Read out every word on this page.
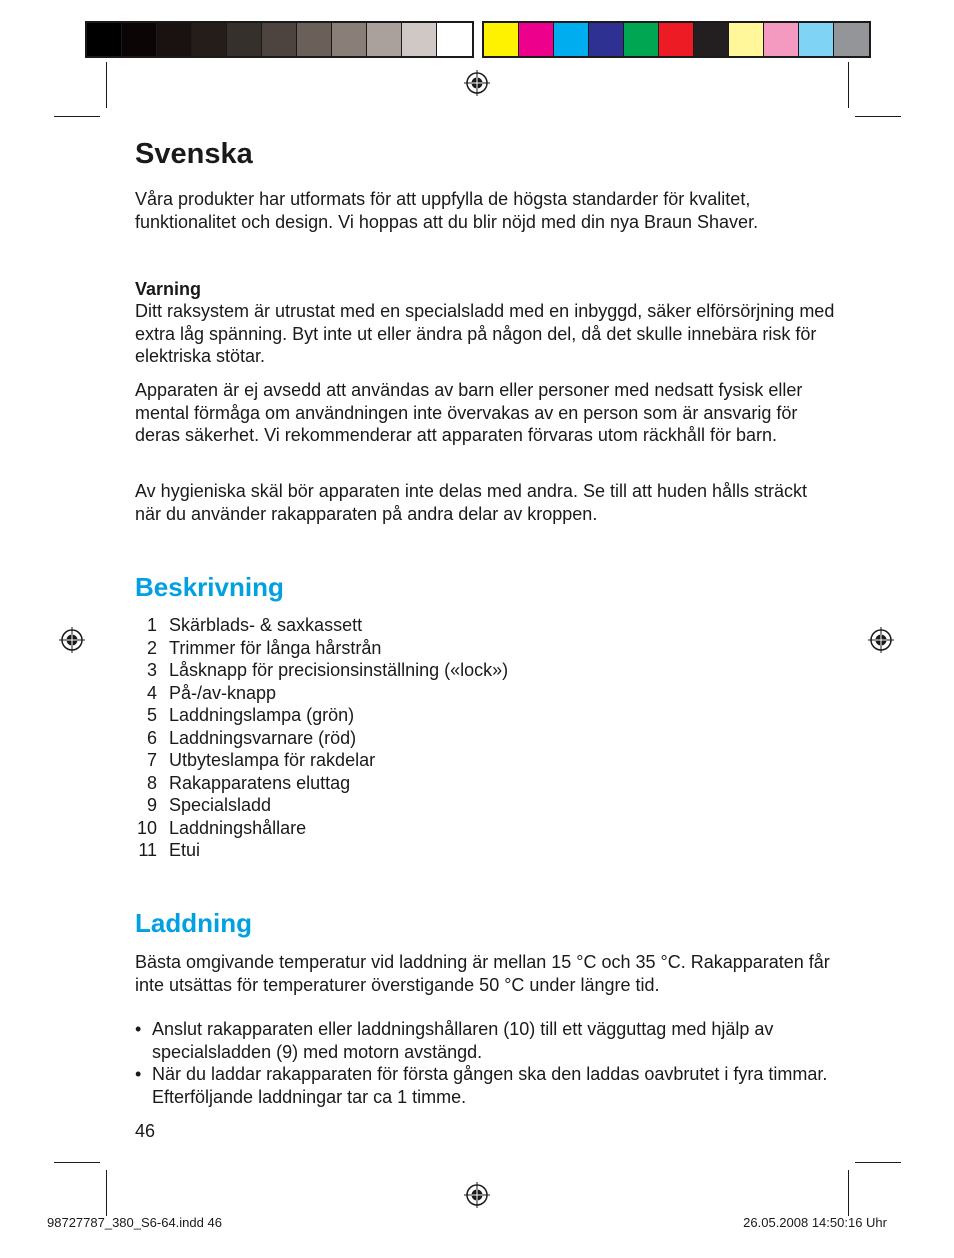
Svenska

Våra produkter har utformats för att uppfylla de högsta standarder för kvalitet, funktionalitet och design. Vi hoppas att du blir nöjd med din nya Braun Shaver.

Varning

Ditt raksystem är utrustat med en specialsladd med en inbyggd, säker elförsörjning med extra låg spänning. Byt inte ut eller ändra på någon del, då det skulle innebära risk för elektriska stötar.

Apparaten är ej avsedd att användas av barn eller personer med nedsatt fysisk eller mental förmåga om användningen inte övervakas av en person som är ansvarig för deras säkerhet. Vi rekommenderar att apparaten förvaras utom räckhåll för barn.

Av hygieniska skäl bör apparaten inte delas med andra. Se till att huden hålls sträckt när du använder rakapparaten på andra delar av kroppen.

Beskrivning
1 Skärblads- & saxkassett
2 Trimmer för långa hårstrån
3 Låsknapp för precisionsinställning («lock»)
4 På-/av-knapp
5 Laddningslampa (grön)
6 Laddningsvarnare (röd)
7 Utbyteslampa för rakdelar
8 Rakapparatens eluttag
9 Specialsladd
10 Laddningshållare
11 Etui
Laddning

Bästa omgivande temperatur vid laddning är mellan 15 °C och 35 °C. Rakapparaten får inte utsättas för temperaturer överstigande 50 °C under längre tid.

• Anslut rakapparaten eller laddningshållaren (10) till ett vägguttag med hjälp av specialsladden (9) med motorn avstängd.
• När du laddar rakapparaten för första gången ska den laddas oavbrutet i fyra timmar. Efterföljande laddningar tar ca 1 timme.
46
98727787_380_S6-64.indd 46	26.05.2008 14:50:16 Uhr
